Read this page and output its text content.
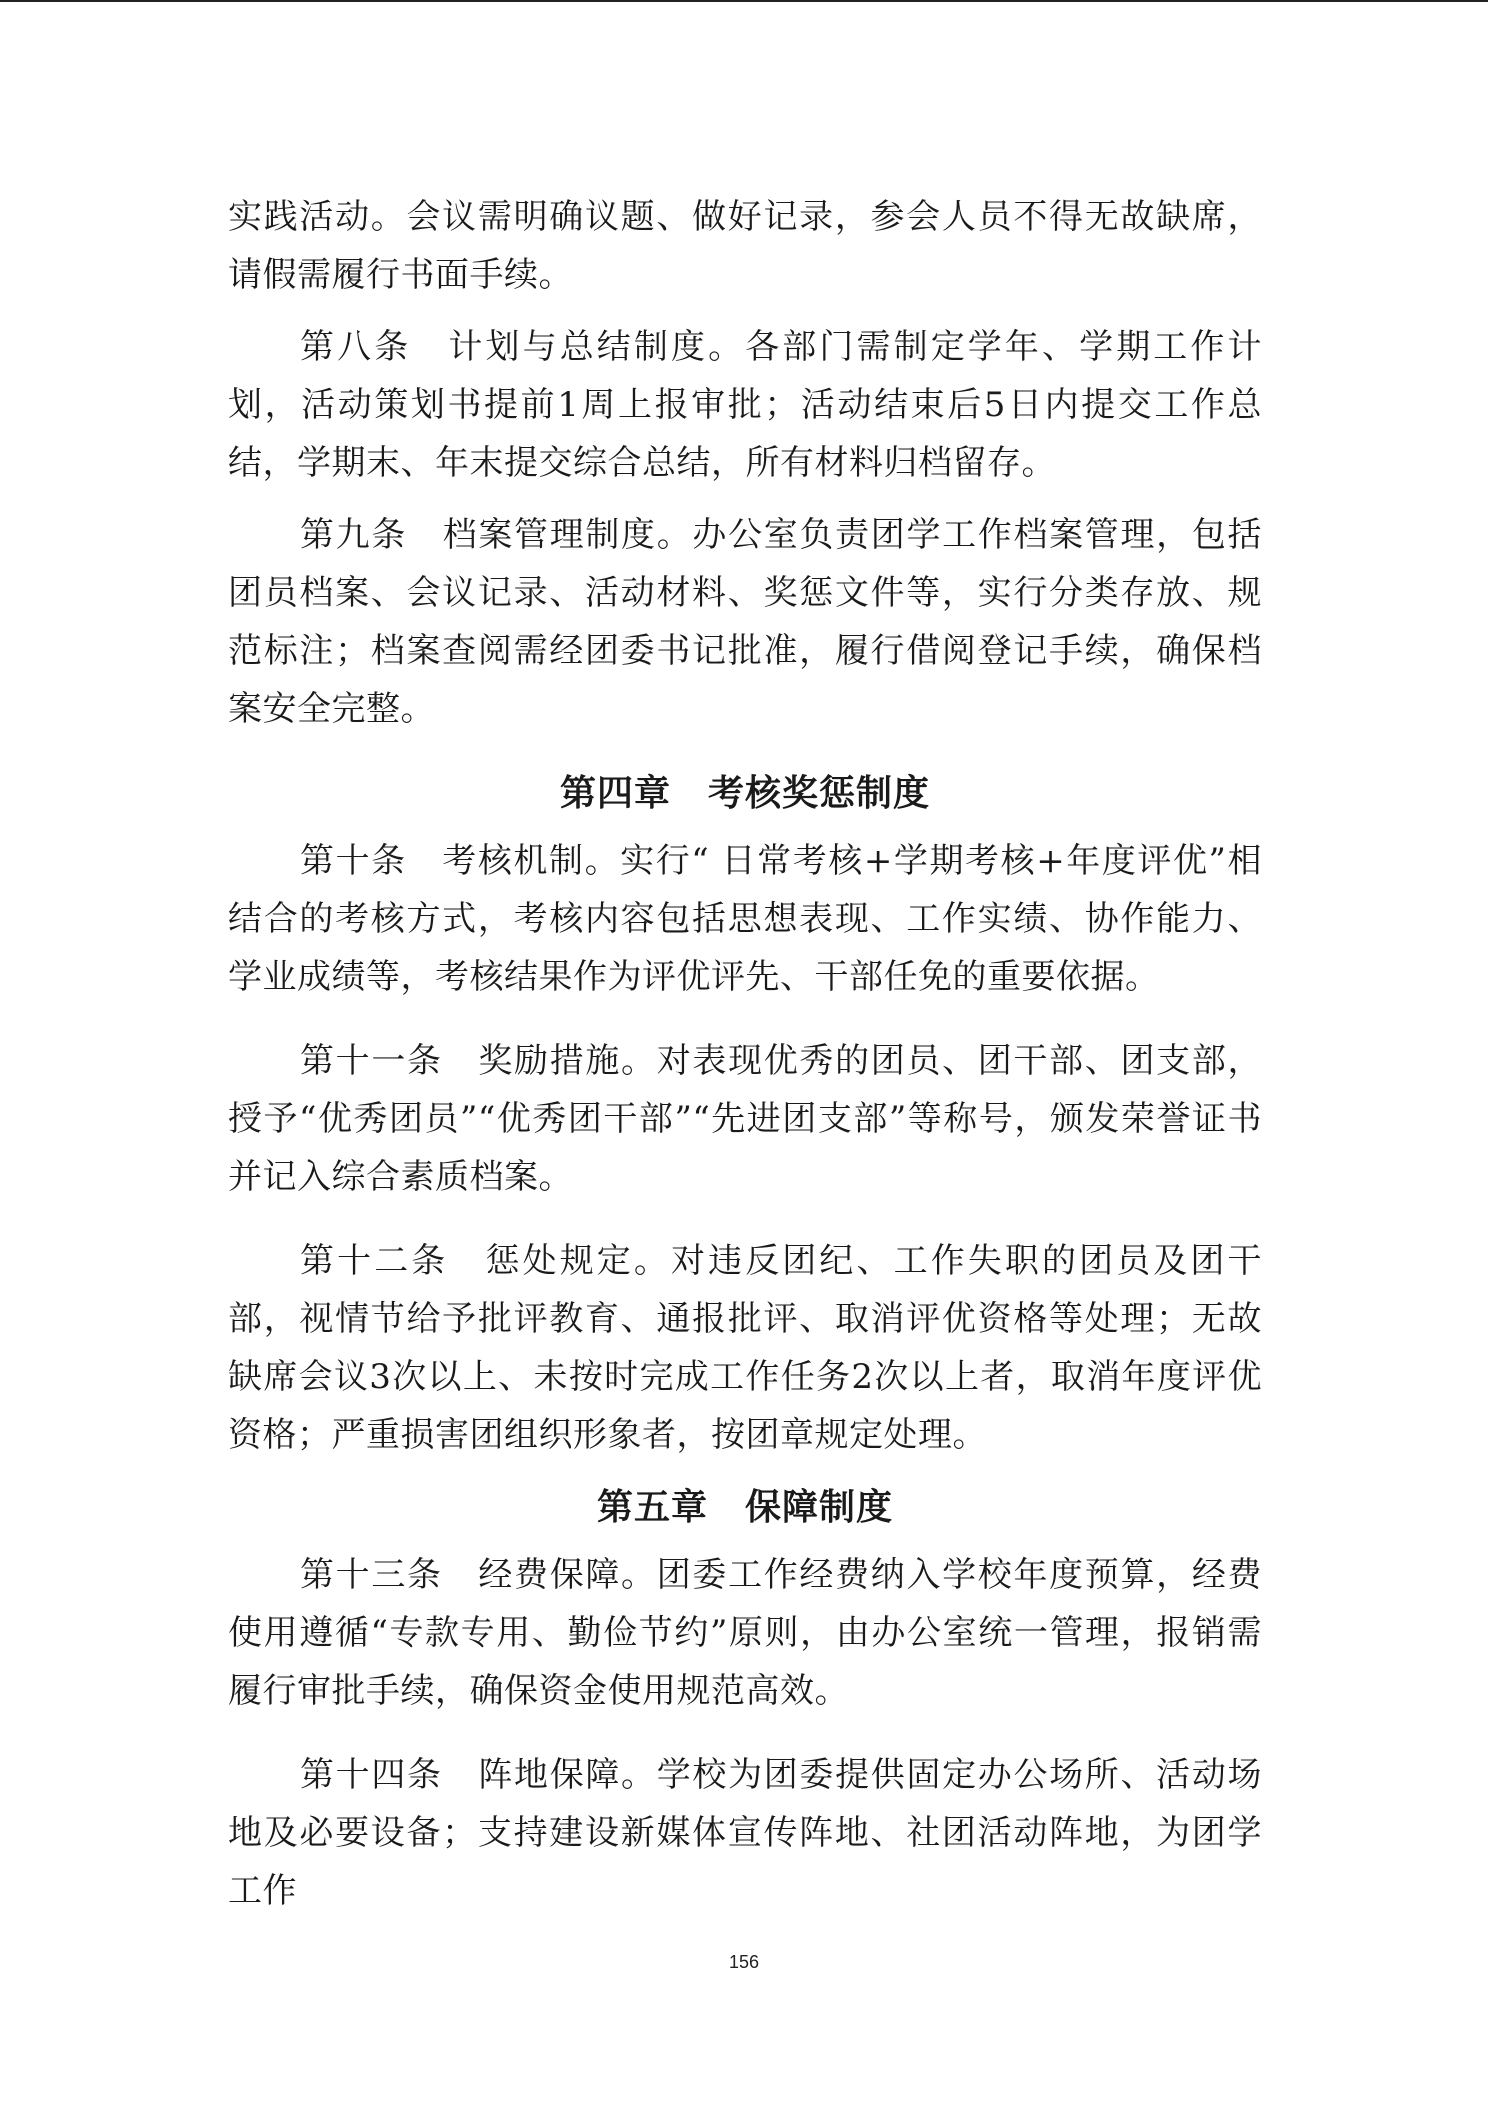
实践活动。会议需明确议题、做好记录，参会人员不得无故缺席，请假需履行书面手续。

第八条　计划与总结制度。各部门需制定学年、学期工作计划，活动策划书提前1周上报审批；活动结束后5日内提交工作总结，学期末、年末提交综合总结，所有材料归档留存。

第九条　档案管理制度。办公室负责团学工作档案管理，包括团员档案、会议记录、活动材料、奖惩文件等，实行分类存放、规范标注；档案查阅需经团委书记批准，履行借阅登记手续，确保档案安全完整。

第四章　考核奖惩制度

第十条　考核机制。实行“ 日常考核+学期考核+年度评优”相结合的考核方式，考核内容包括思想表现、工作实绩、协作能力、学业成绩等，考核结果作为评优评先、干部任免的重要依据。

第十一条　奖励措施。对表现优秀的团员、团干部、团支部，授予“优秀团员”“优秀团干部”“先进团支部”等称号，颁发荣誉证书并记入综合素质档案。

第十二条　惩处规定。对违反团纪、工作失职的团员及团干部，视情节给予批评教育、通报批评、取消评优资格等处理；无故缺席会议3次以上、未按时完成工作任务2次以上者，取消年度评优资格；严重损害团组织形象者，按团章规定处理。

第五章　保障制度

第十三条　经费保障。团委工作经费纳入学校年度预算，经费使用遵循“专款专用、勤俭节约”原则，由办公室统一管理，报销需履行审批手续，确保资金使用规范高效。

第十四条　阵地保障。学校为团委提供固定办公场所、活动场地及必要设备；支持建设新媒体宣传阵地、社团活动阵地，为团学工作

156
